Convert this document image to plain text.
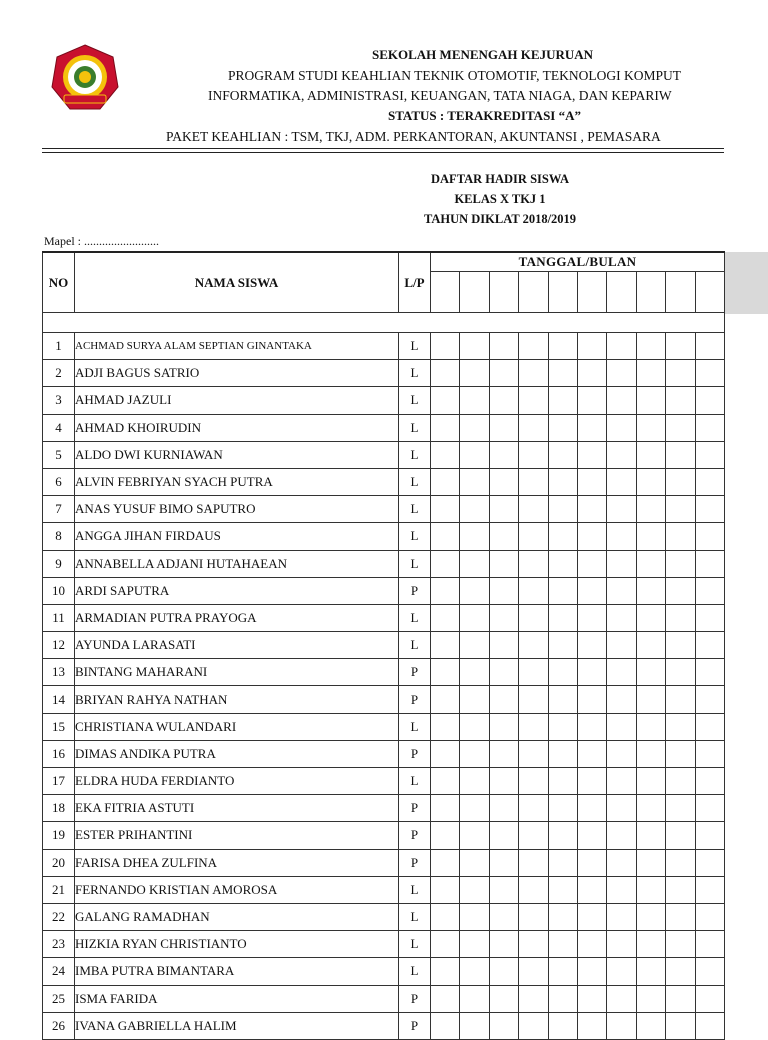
SEKOLAH MENENGAH KEJURUAN
PROGRAM STUDI KEAHLIAN TEKNIK OTOMOTIF, TEKNOLOGI KOMPUT
INFORMATIKA, ADMINISTRASI, KEUANGAN, TATA NIAGA, DAN KEPARIW
STATUS : TERAKREDITASI “A”
PAKET KEAHLIAN : TSM, TKJ, ADM. PERKANTORAN, AKUNTANSI , PEMASARA
DAFTAR HADIR SISWA
KELAS X TKJ 1
TAHUN DIKLAT 2018/2019
Mapel : .........................
NO	NAMA SISWA	L/P	TANGGAL/BULAN									

1	ACHMAD SURYA ALAM SEPTIAN GINANTAKA	L										
2	ADJI BAGUS SATRIO	L										
3	AHMAD JAZULI	L										
4	AHMAD KHOIRUDIN	L										
5	ALDO DWI KURNIAWAN	L										
6	ALVIN FEBRIYAN SYACH PUTRA	L										
7	ANAS YUSUF BIMO SAPUTRO	L										
8	ANGGA JIHAN FIRDAUS	L										
9	ANNABELLA ADJANI HUTAHAEAN	L										
10	ARDI SAPUTRA	P										
11	ARMADIAN PUTRA PRAYOGA	L										
12	AYUNDA LARASATI	L										
13	BINTANG MAHARANI	P										
14	BRIYAN RAHYA NATHAN	P										
15	CHRISTIANA WULANDARI	L										
16	DIMAS ANDIKA PUTRA	P										
17	ELDRA HUDA FERDIANTO	L										
18	EKA FITRIA ASTUTI	P										
19	ESTER PRIHANTINI	P										
20	FARISA DHEA ZULFINA	P										
21	FERNANDO KRISTIAN AMOROSA	L										
22	GALANG RAMADHAN	L										
23	HIZKIA RYAN CHRISTIANTO	L										
24	IMBA PUTRA BIMANTARA	L										
25	ISMA FARIDA	P										
26	IVANA GABRIELLA HALIM	P										
